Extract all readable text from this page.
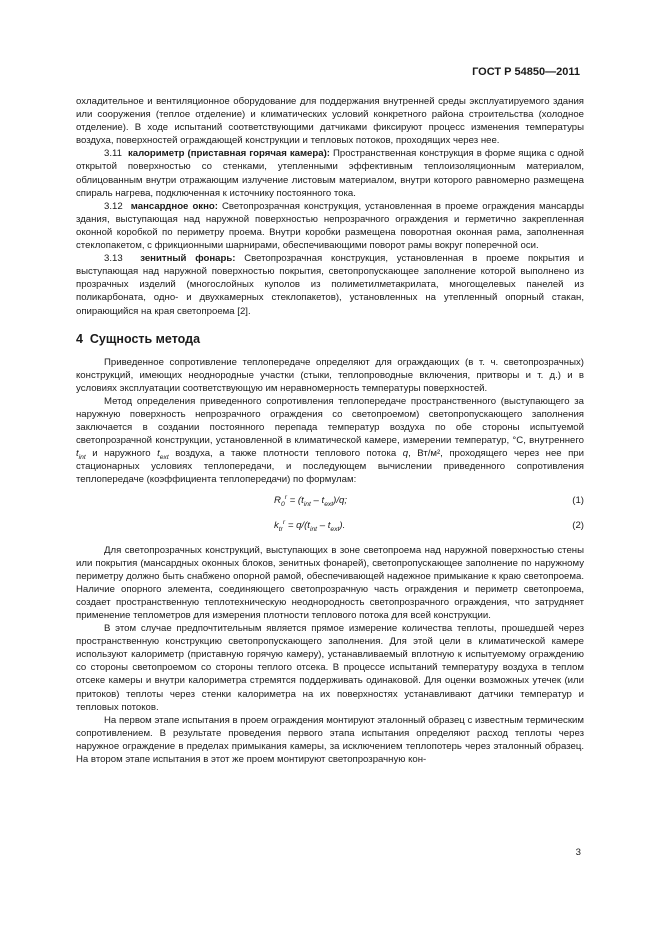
ГОСТ Р 54850—2011

охладительное и вентиляционное оборудование для поддержания внутренней среды эксплуатируемого здания или сооружения (теплое отделение) и климатических условий конкретного района строительства (холодное отделение). В ходе испытаний соответствующими датчиками фиксируют процесс изменения температуры воздуха, поверхностей ограждающей конструкции и тепловых потоков, проходящих через нее.

3.11 калориметр (приставная горячая камера): Пространственная конструкция в форме ящика с одной открытой поверхностью со стенками, утепленными эффективным теплоизоляционным материалом, облицованным внутри отражающим излучение листовым материалом, внутри которого равномерно размещена спираль нагрева, подключенная к источнику постоянного тока.

3.12 мансардное окно: Светопрозрачная конструкция, установленная в проеме ограждения мансарды здания, выступающая над наружной поверхностью непрозрачного ограждения и герметично закрепленная оконной коробкой по периметру проема. Внутри коробки размещена поворотная оконная рама, заполненная стеклопакетом, с фрикционными шарнирами, обеспечивающими поворот рамы вокруг поперечной оси.

3.13 зенитный фонарь: Светопрозрачная конструкция, установленная в проеме покрытия и выступающая над наружной поверхностью покрытия, светопропускающее заполнение которой выполнено из прозрачных изделий (многослойных куполов из полиметилметакрилата, многощелевых панелей из поликарбоната, одно- и двухкамерных стеклопакетов), установленных на утепленный опорный стакан, опирающийся на края светопроема [2].

4 Сущность метода

Приведенное сопротивление теплопередаче определяют для ограждающих (в т. ч. светопрозрачных) конструкций, имеющих неоднородные участки (стыки, теплопроводные включения, притворы и т. д.) и в условиях эксплуатации соответствующую им неравномерность температуры поверхностей.

Метод определения приведенного сопротивления теплопередаче пространственного (выступающего за наружную поверхность непрозрачного ограждения со светопроемом) светопропускающего заполнения заключается в создании постоянного перепада температур воздуха по обе стороны испытуемой светопрозрачной конструкции, установленной в климатической камере, измерении температур, °С, внутреннего $t_{int}$ и наружного $t_{ext}$ воздуха, а также плотности теплового потока q, Вт/м², проходящего через нее при стационарных условиях теплопередачи, и последующем вычислении приведенного сопротивления теплопередаче (коэффициента теплопередачи) по формулам:

$R_0^r = (t_{int} - t_{ext})/q$;	(1)
$k_{tr}^r = q/(t_{int} - t_{ext})$.	(2)

Для светопрозрачных конструкций, выступающих в зоне светопроема над наружной поверхностью стены или покрытия (мансардных оконных блоков, зенитных фонарей), светопропускающее заполнение по наружному периметру должно быть снабжено опорной рамой, обеспечивающей надежное примыкание к краю светопроема. Наличие опорного элемента, соединяющего светопрозрачную часть ограждения и периметр светопроема, создает пространственную теплотехническую неоднородность светопрозрачного ограждения, что затрудняет применение теплометров для измерения плотности теплового потока для всей конструкции.

В этом случае предпочтительным является прямое измерение количества теплоты, прошедшей через пространственную конструкцию светопропускающего заполнения. Для этой цели в климатической камере используют калориметр (приставную горячую камеру), устанавливаемый вплотную к испытуемому ограждению со стороны светопроемом со стороны теплого отсека. В процессе испытаний температуру воздуха в теплом отсеке камеры и внутри калориметра стремятся поддерживать одинаковой. Для оценки возможных утечек (или притоков) теплоты через стенки калориметра на их поверхностях устанавливают датчики температур и тепловых потоков.

На первом этапе испытания в проем ограждения монтируют эталонный образец с известным термическим сопротивлением. В результате проведения первого этапа испытания определяют расход теплоты через наружное ограждение в пределах примыкания камеры, за исключением теплопотерь через эталонный образец. На втором этапе испытания в этот же проем монтируют светопрозрачную кон-

3
